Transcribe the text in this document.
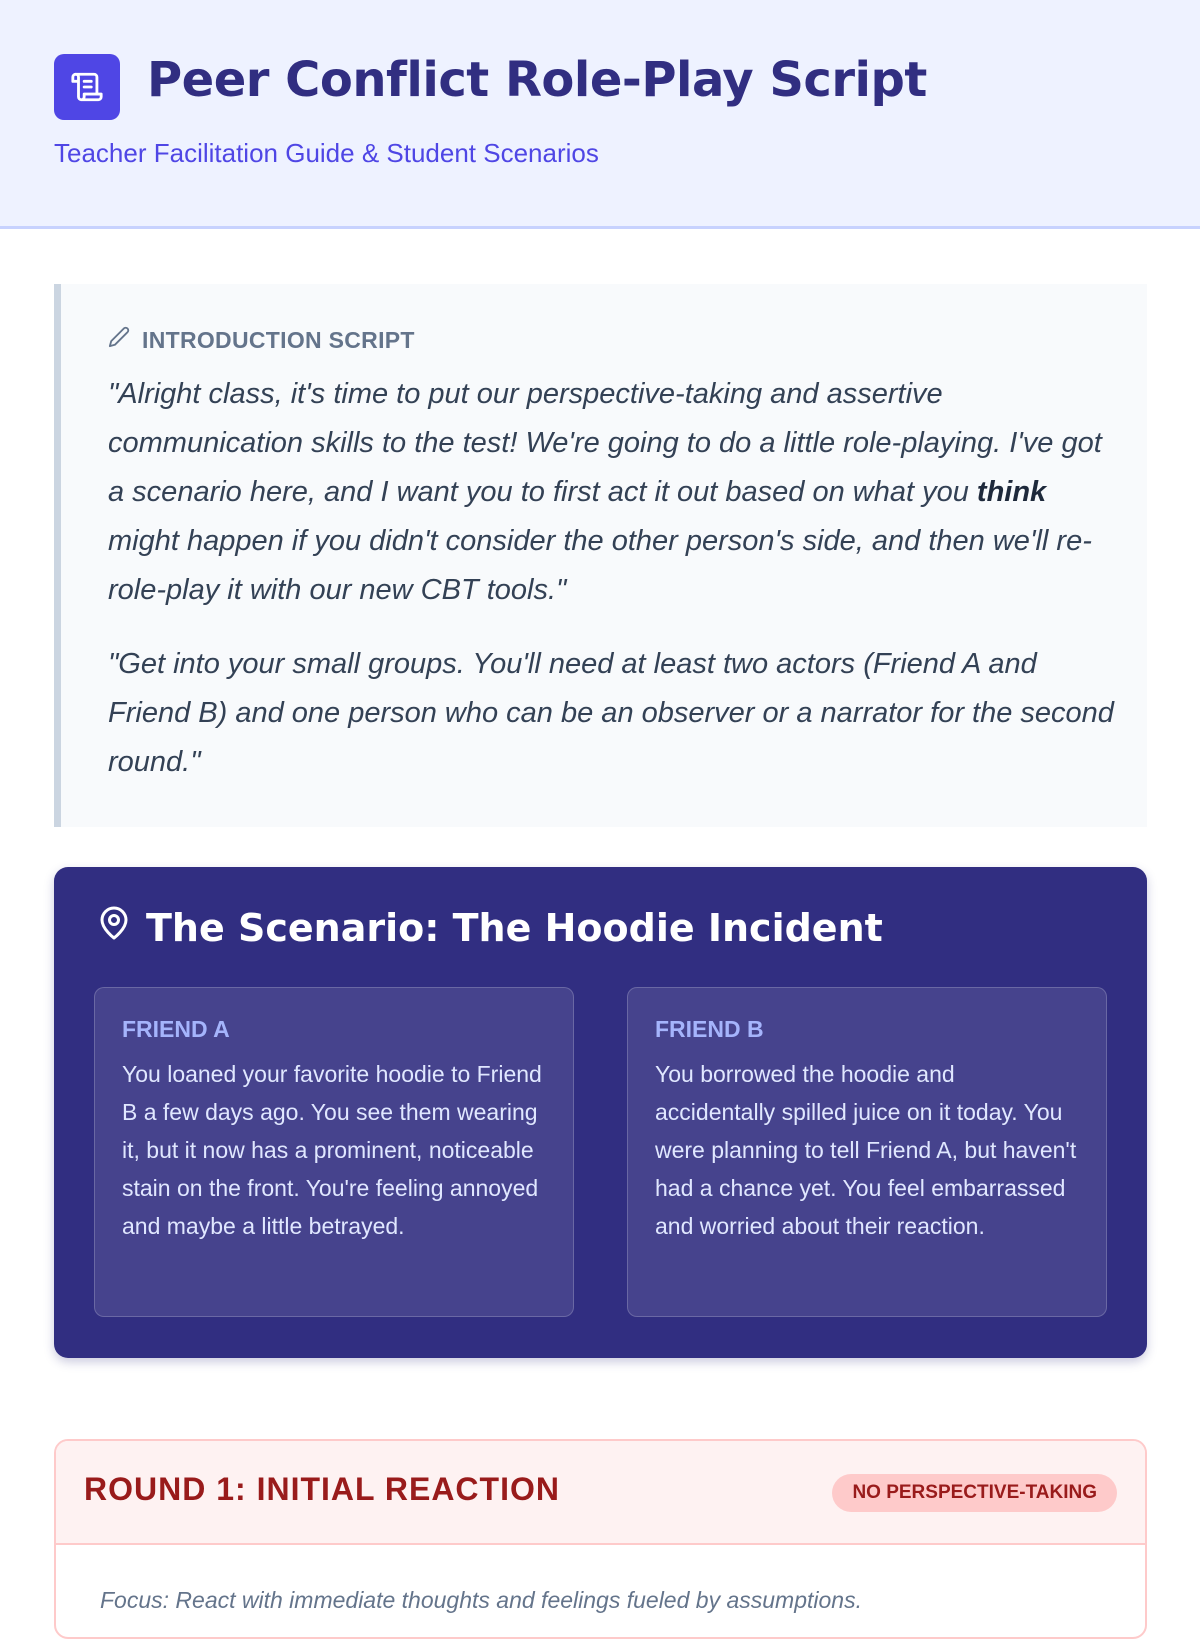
Peer Conflict Role-Play Script
Teacher Facilitation Guide & Student Scenarios
INTRODUCTION SCRIPT

"Alright class, it's time to put our perspective-taking and assertive communication skills to the test! We're going to do a little role-playing. I've got a scenario here, and I want you to first act it out based on what you think might happen if you didn't consider the other person's side, and then we'll re-role-play it with our new CBT tools."

"Get into your small groups. You'll need at least two actors (Friend A and Friend B) and one person who can be an observer or a narrator for the second round."

The Scenario: The Hoodie Incident
FRIEND A

You loaned your favorite hoodie to Friend B a few days ago. You see them wearing it, but it now has a prominent, noticeable stain on the front. You're feeling annoyed and maybe a little betrayed.

FRIEND B

You borrowed the hoodie and accidentally spilled juice on it today. You were planning to tell Friend A, but haven't had a chance yet. You feel embarrassed and worried about their reaction.

ROUND 1: INITIAL REACTION	NO PERSPECTIVE-TAKING

Focus: React with immediate thoughts and feelings fueled by assumptions.
